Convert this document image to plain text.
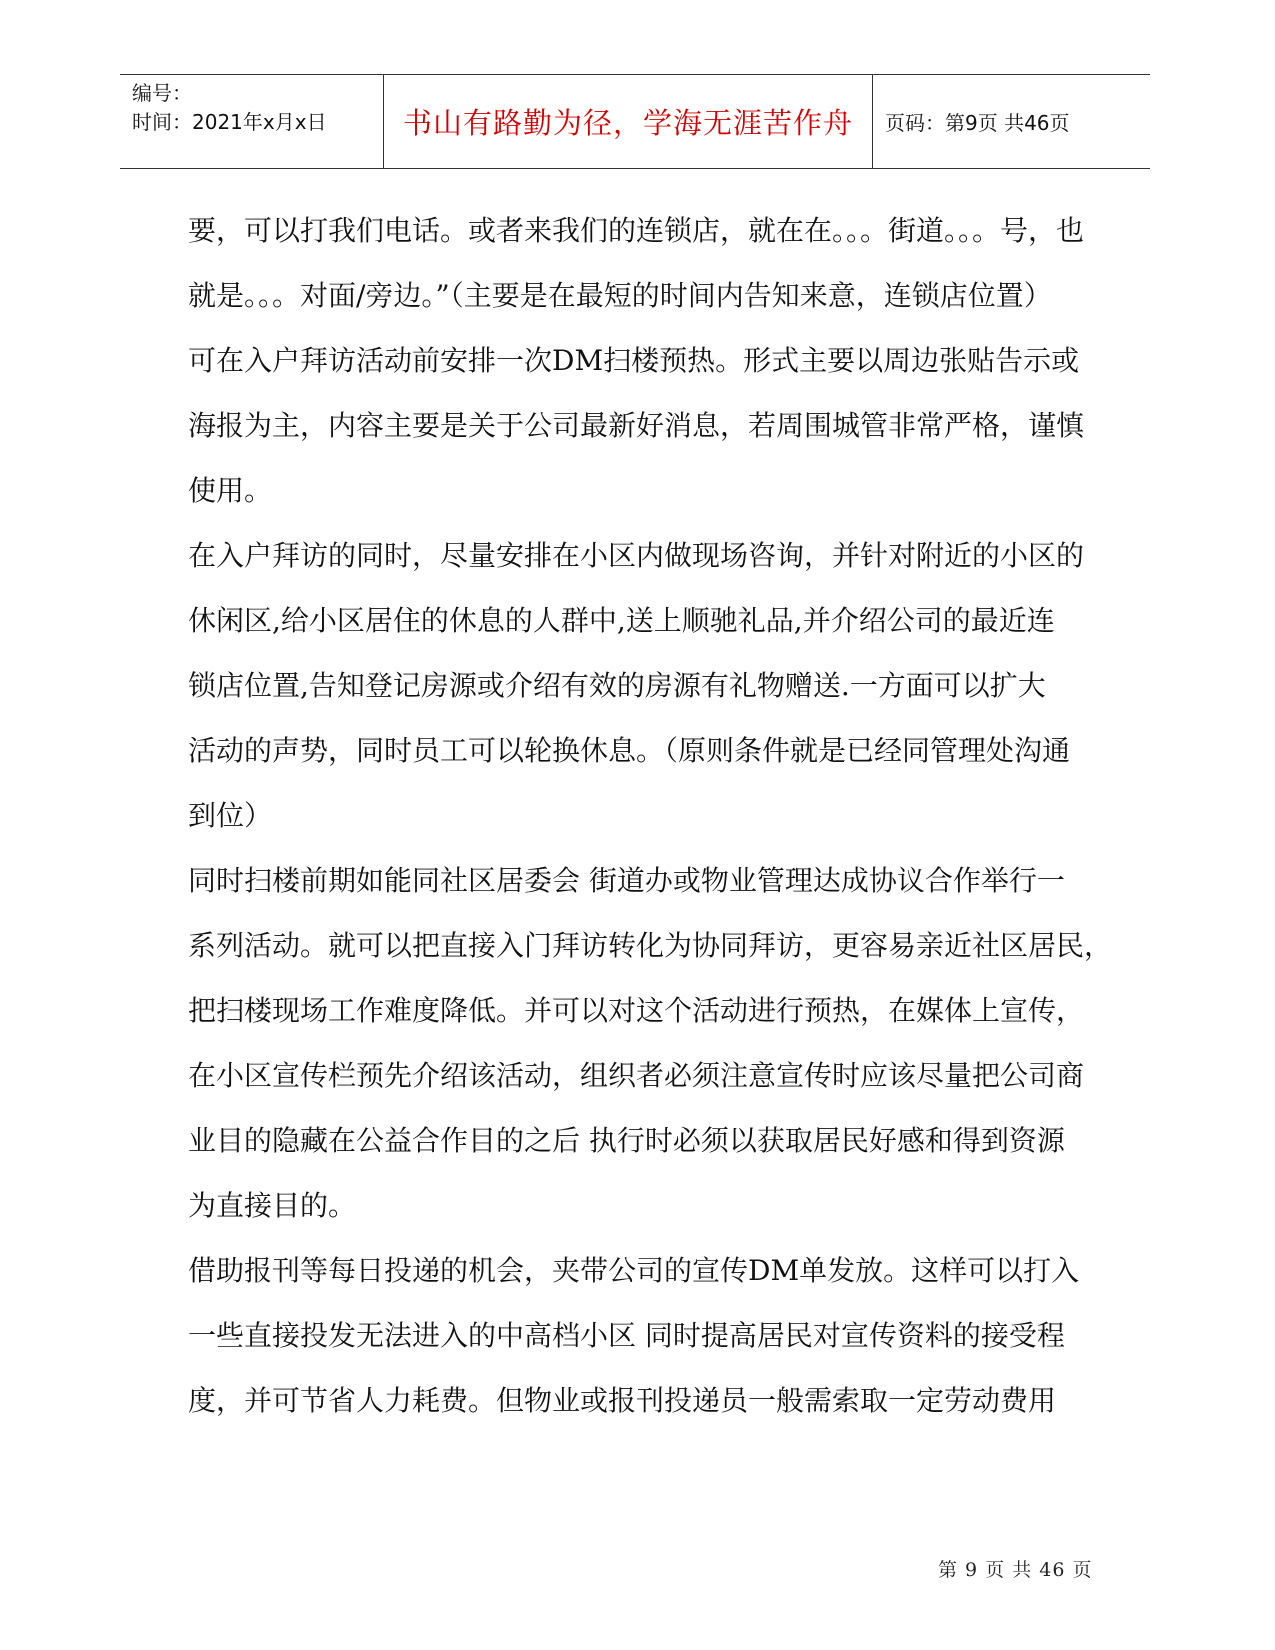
编号：
时间：2021年x月x日	书山有路勤为径，学海无涯苦作舟 页码：第9页 共46页
要，可以打我们电话。或者来我们的连锁店，就在在。。。街道。。。号，也
就是。。。对面/旁边。”（主要是在最短的时间内告知来意，连锁店位置）
可在入户拜访活动前安排一次DM扫楼预热。形式主要以周边张贴告示或
海报为主，内容主要是关于公司最新好消息，若周围城管非常严格，谨慎
使用。
在入户拜访的同时，尽量安排在小区内做现场咨询，并针对附近的小区的
休闲区,给小区居住的休息的人群中,送上顺驰礼品,并介绍公司的最近连
锁店位置,告知登记房源或介绍有效的房源有礼物赠送.一方面可以扩大
活动的声势，同时员工可以轮换休息。（原则条件就是已经同管理处沟通
到位）
同时扫楼前期如能同社区居委会 街道办或物业管理达成协议合作举行一
系列活动。就可以把直接入门拜访转化为协同拜访，更容易亲近社区居民，
把扫楼现场工作难度降低。并可以对这个活动进行预热，在媒体上宣传，
在小区宣传栏预先介绍该活动，组织者必须注意宣传时应该尽量把公司商
业目的隐藏在公益合作目的之后 执行时必须以获取居民好感和得到资源
为直接目的。
借助报刊等每日投递的机会，夹带公司的宣传DM单发放。这样可以打入
一些直接投发无法进入的中高档小区 同时提高居民对宣传资料的接受程
度，并可节省人力耗费。但物业或报刊投递员一般需索取一定劳动费用
第 9 页 共 46 页
